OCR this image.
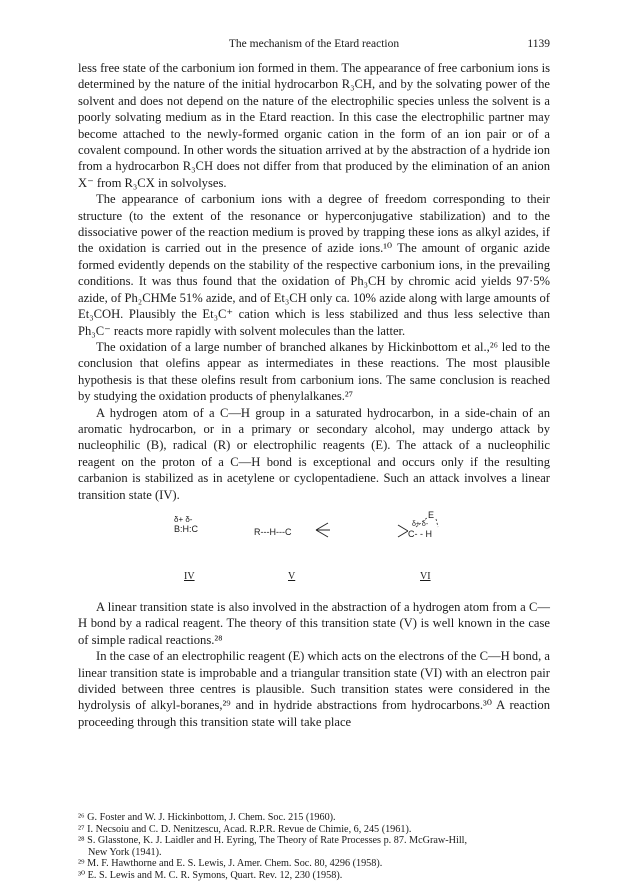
The mechanism of the Etard reaction	1139

less free state of the carbonium ion formed in them. The appearance of free carbonium ions is determined by the nature of the initial hydrocarbon R₃CH, and by the solvating power of the solvent and does not depend on the nature of the electrophilic species unless the solvent is a poorly solvating medium as in the Etard reaction. In this case the electrophilic partner may become attached to the newly-formed organic cation in the form of an ion pair or of a covalent compound. In other words the situation arrived at by the abstraction of a hydride ion from a hydrocarbon R₃CH does not differ from that produced by the elimination of an anion X⁻ from R₃CX in solvolyses.

The appearance of carbonium ions with a degree of freedom corresponding to their structure (to the extent of the resonance or hyperconjugative stabilization) and to the dissociative power of the reaction medium is proved by trapping these ions as alkyl azides, if the oxidation is carried out in the presence of azide ions.¹⁰ The amount of organic azide formed evidently depends on the stability of the respective carbonium ions, in the prevailing conditions. It was thus found that the oxidation of Ph₃CH by chromic acid yields 97·5% azide, of Ph₂CHMe 51% azide, and of Et₃CH only ca. 10% azide along with large amounts of Et₃COH. Plausibly the Et₃C⁺ cation which is less stabilized and thus less selective than Ph₃C⁻ reacts more rapidly with solvent molecules than the latter.

The oxidation of a large number of branched alkanes by Hickinbottom et al.,²⁶ led to the conclusion that olefins appear as intermediates in these reactions. The most plausible hypothesis is that these olefins result from carbonium ions. The same conclusion is reached by studying the oxidation products of phenylalkanes.²⁷

A hydrogen atom of a C—H group in a saturated hydrocarbon, in a side-chain of an aromatic hydrocarbon, or in a primary or secondary alcohol, may undergo attack by nucleophilic (B), radical (R) or electrophilic reagents (E). The attack of a nucleophilic reagent on the proton of a C—H bond is exceptional and occurs only if the resulting carbanion is stabilized as in acetylene or cyclopentadiene. Such an attack involves a linear transition state (IV).

δ+ δ-
B:H:C
IV
R---H---C
V
E
δ+ δ-
C- - H
VI

A linear transition state is also involved in the abstraction of a hydrogen atom from a C—H bond by a radical reagent. The theory of this transition state (V) is well known in the case of simple radical reactions.²⁸

In the case of an electrophilic reagent (E) which acts on the electrons of the C—H bond, a linear transition state is improbable and a triangular transition state (VI) with an electron pair divided between three centres is plausible. Such transition states were considered in the hydrolysis of alkyl-boranes,²⁹ and in hydride abstractions from hydrocarbons.³⁰ A reaction proceeding through this transition state will take place

²⁶ G. Foster and W. J. Hickinbottom, J. Chem. Soc. 215 (1960).

²⁷ I. Necsoiu and C. D. Nenitzescu, Acad. R.P.R. Revue de Chimie, 6, 245 (1961).

²⁸ S. Glasstone, K. J. Laidler and H. Eyring, The Theory of Rate Processes p. 87. McGraw-Hill,

New York (1941).

²⁹ M. F. Hawthorne and E. S. Lewis, J. Amer. Chem. Soc. 80, 4296 (1958).

³⁰ E. S. Lewis and M. C. R. Symons, Quart. Rev. 12, 230 (1958).
